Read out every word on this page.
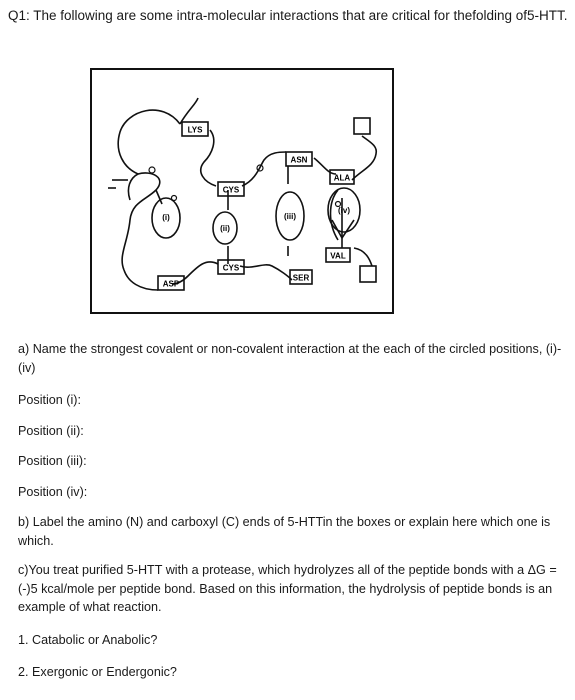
Q1: The following are some intra-molecular interactions that are critical for thefolding of5-HTT.
LYS
CYS
ASN
ALA
VAL
CYS
SER
ASP
(i)
(ii)
(iii)
(iv)
a) Name the strongest covalent or non-covalent interaction at the each of the circled positions, (i)-(iv)
Position (i):
Position (ii):
Position (iii):
Position (iv):
b) Label the amino (N) and carboxyl (C) ends of 5-HTTin the boxes or explain here which one is which.
c)You treat purified 5-HTT with a protease, which hydrolyzes all of the peptide bonds with a ΔG = (-)5 kcal/mole per peptide bond. Based on this information, the hydrolysis of peptide bonds is an example of what reaction.
1. Catabolic or Anabolic?
2. Exergonic or Endergonic?
